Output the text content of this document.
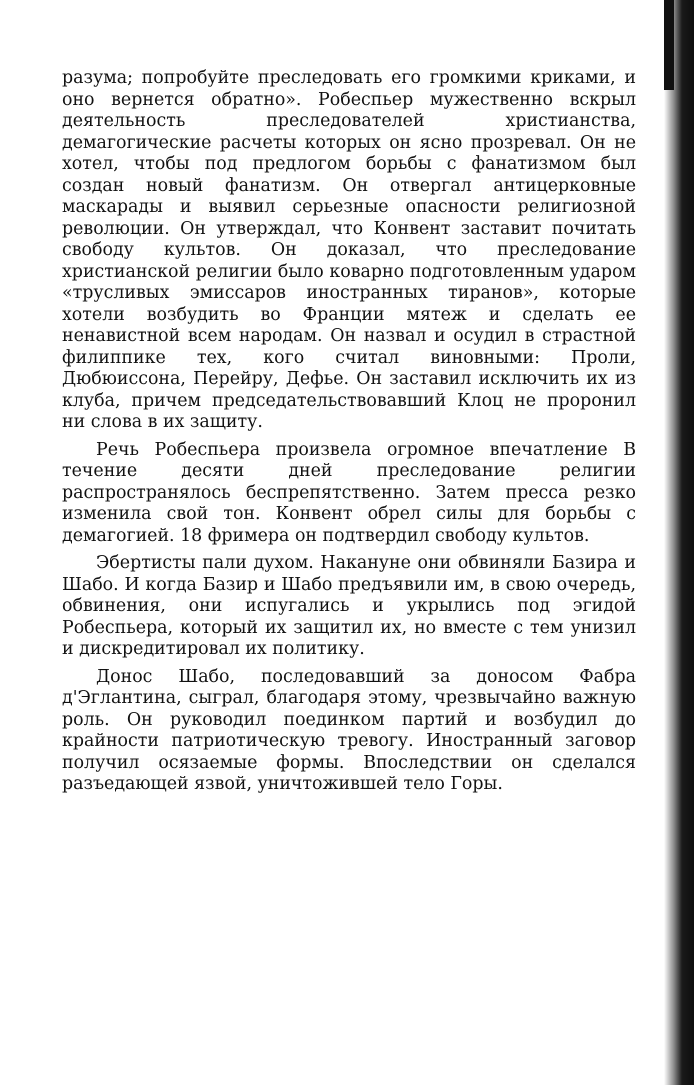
разума; попробуйте преследовать его громкими криками, и оно вернется обратно». Робеспьер мужественно вскрыл деятельность преследователей христианства, демагогические расчеты которых он ясно прозревал. Он не хотел, чтобы под предлогом борьбы с фанатизмом был создан новый фанатизм. Он отвергал антицерковные маскарады и выявил серьезные опасности религиозной революции. Он утверждал, что Конвент заставит почитать свободу культов. Он доказал, что преследование христианской религии было коварно подготовленным ударом «трусливых эмиссаров иностранных тиранов», которые хотели возбудить во Франции мятеж и сделать ее ненавистной всем народам. Он назвал и осудил в страстной филиппике тех, кого считал виновными: Проли, Дюбюиссона, Перейру, Дефье. Он заставил исключить их из клуба, причем председательствовавший Клоц не проронил ни слова в их защиту.

Речь Робеспьера произвела огромное впечатление В течение десяти дней преследование религии распространялось беспрепятственно. Затем пресса резко изменила свой тон. Конвент обрел силы для борьбы с демагогией. 18 фримера он подтвердил свободу культов.

Эбертисты пали духом. Накануне они обвиняли Базира и Шабо. И когда Базир и Шабо предъявили им, в свою очередь, обвинения, они испугались и укрылись под эгидой Робеспьера, который их защитил их, но вместе с тем унизил и дискредитировал их политику.

Донос Шабо, последовавший за доносом Фабра д'Эглантина, сыграл, благодаря этому, чрезвычайно важную роль. Он руководил поединком партий и возбудил до крайности патриотическую тревогу. Иностранный заговор получил осязаемые формы. Впоследствии он сделался разъедающей язвой, уничтожившей тело Горы.
